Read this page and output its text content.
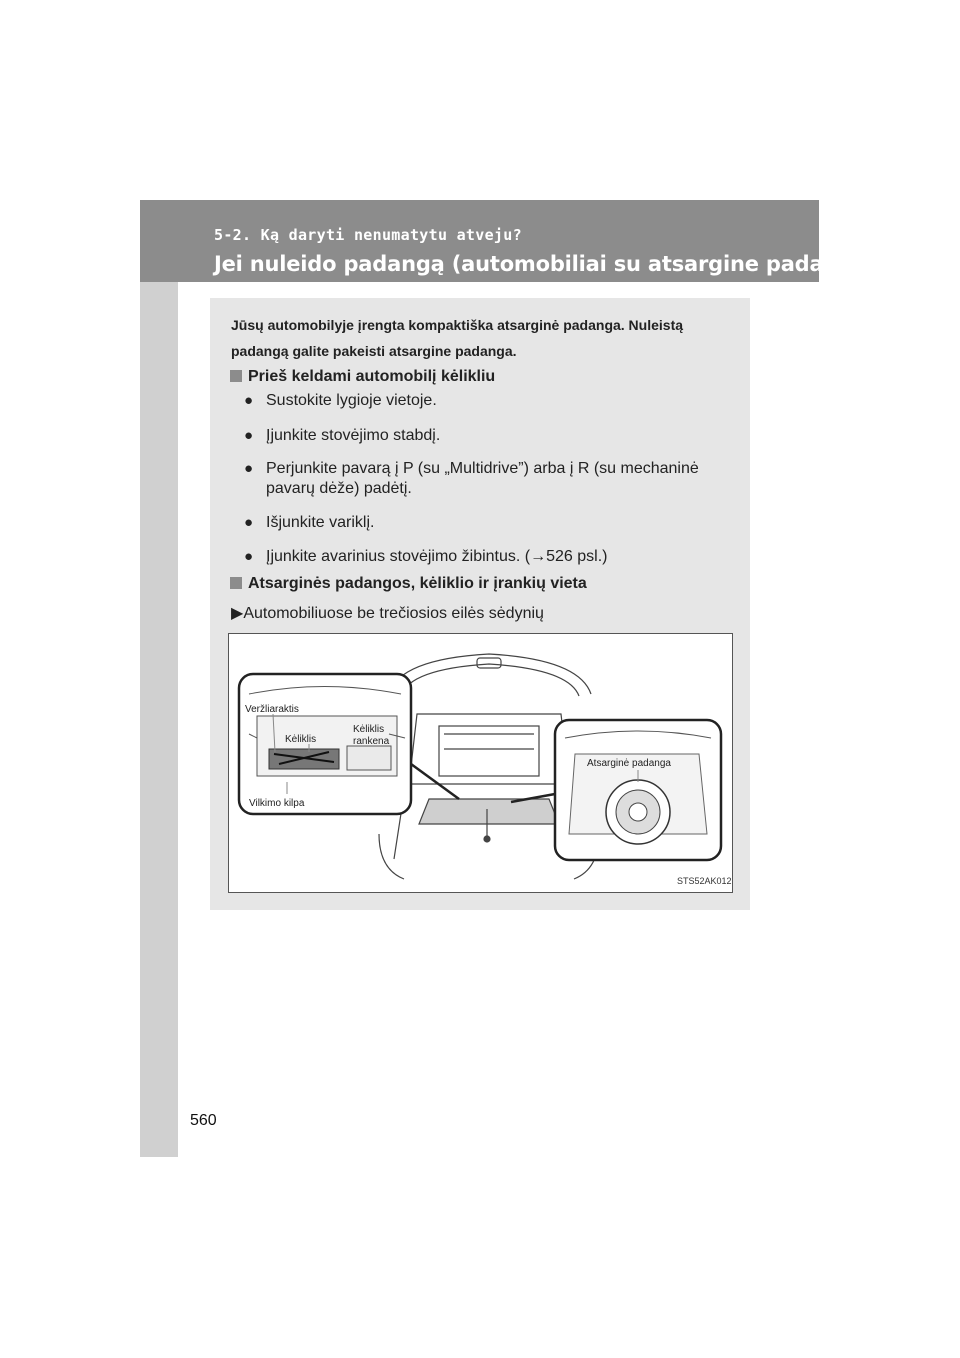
5-2. Ką daryti nenumatytu atveju?
Jei nuleido padangą (automobiliai su atsargine padanga)
Jūsų automobilyje įrengta kompaktiška atsarginė padanga. Nuleistą
padangą galite pakeisti atsargine padanga.
Prieš keldami automobilį kėlikliu
● Sustokite lygioje vietoje.
● Įjunkite stovėjimo stabdį.
● Perjunkite pavarą į P (su „Multidrive”) arba į R (su mechaninė
pavarų dėže) padėtį.
● Išjunkite variklį.
● Įjunkite avarinius stovėjimo žibintus. (→526 psl.)
Atsarginės padangos, kėliklio ir įrankių vieta
▶Automobiliuose be trečiosios eilės sėdynių
Veržliaraktis
Kėliklis
Kėliklis
rankena
Vilkimo kilpa
Atsarginė padanga
STS52AK012
560
